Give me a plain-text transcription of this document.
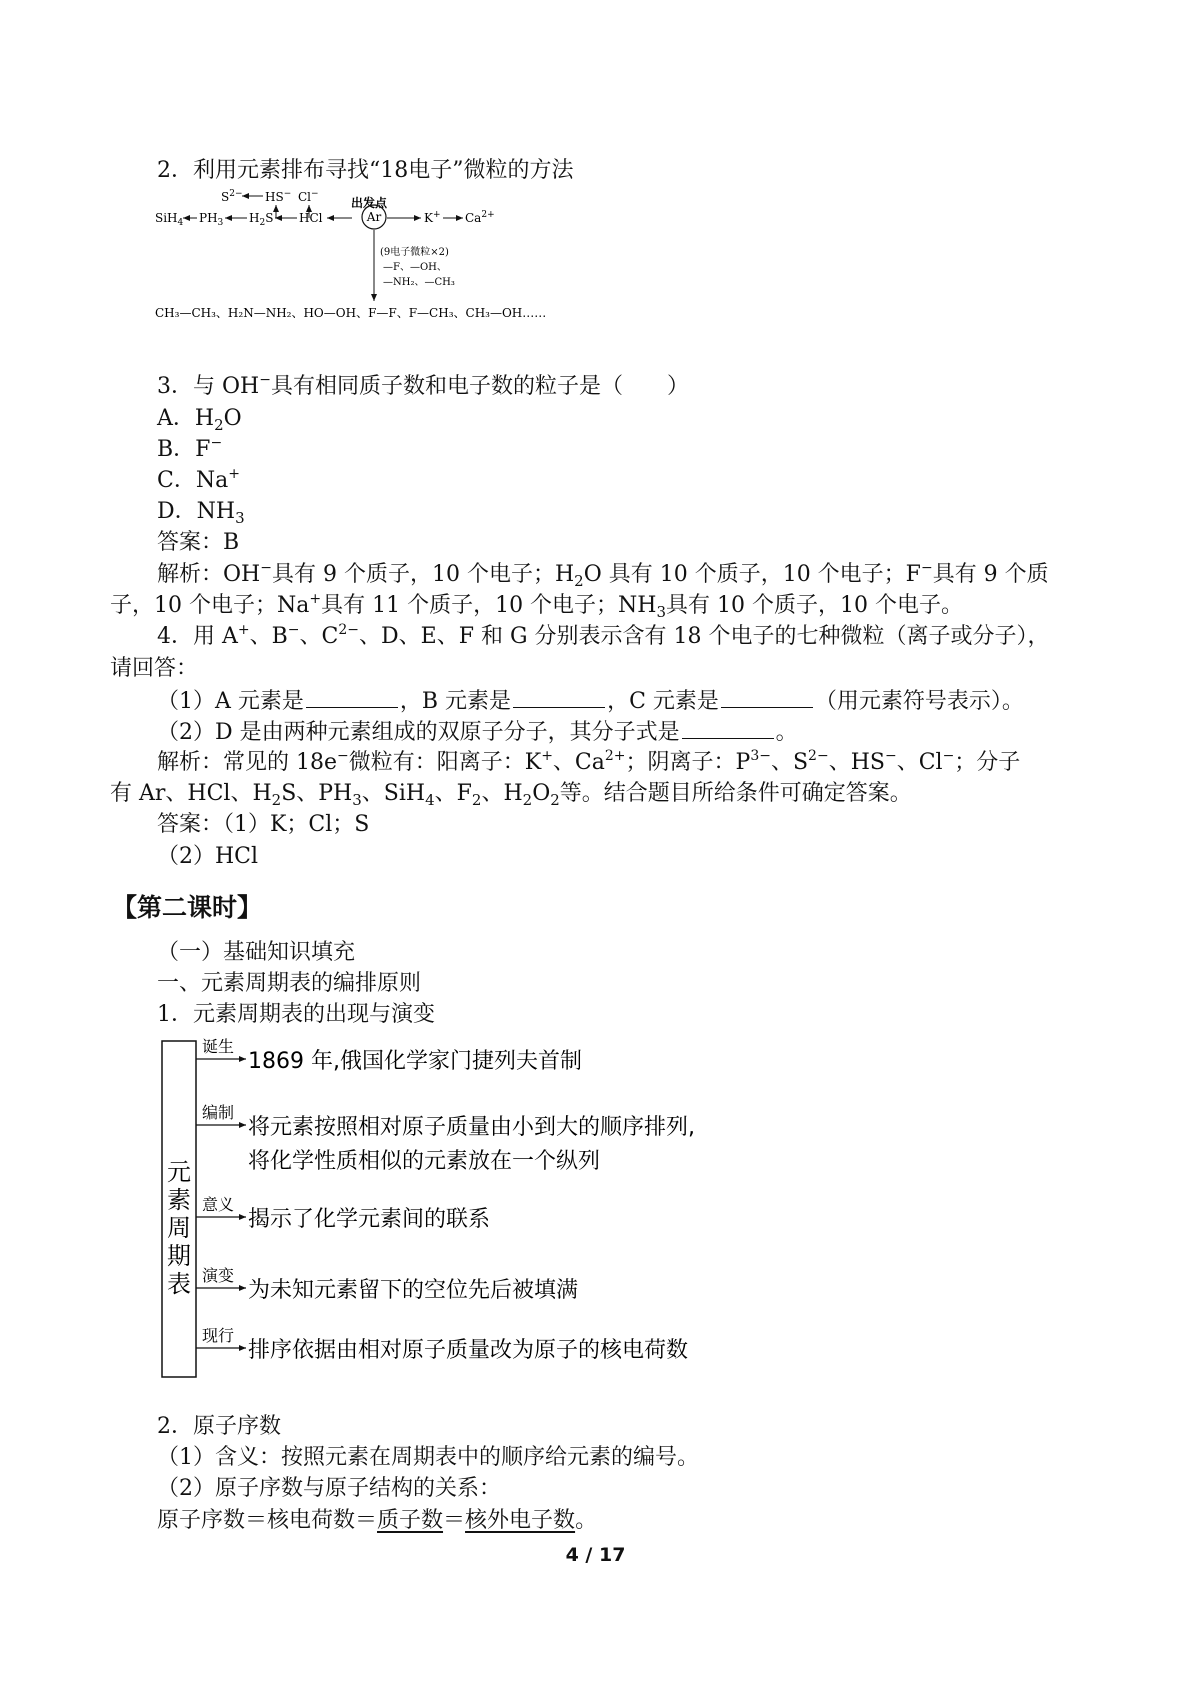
2．利用元素排布寻找“18电子”微粒的方法
$S^{2-}$ HS− Cl−
出发点
SiH$_4$ $PH_3$ $H_2S$ HCl	Ar	K+ $Ca^{2+}$
(9电子微粒×2)
—F、—OH、
—NH₂、—CH₃
CH₃—CH₃、H₂N—NH₂、HO—OH、F—F、F—CH₃、CH₃—OH……
3．与 OH−具有相同质子数和电子数的粒子是（　　）
A．$H_2O$
B．F−
C．Na+
D．$NH_3$
答案：B
解析：OH−具有 9 个质子，10 个电子；$H_2O$ 具有 10 个质子，10 个电子；F−具有 9 个质
子，10 个电子；Na+具有 11 个质子，10 个电子；$NH_3$具有 10 个质子，10 个电子。
4．用 A+、B−、$C^{2-}$、D、E、F 和 G 分别表示含有 18 个电子的七种微粒（离子或分子），
请回答：
（1）A 元素是	，B 元素是	，C 元素是	（用元素符号表示）。
（2）D 是由两种元素组成的双原子分子，其分子式是	。
解析：常见的 18e−微粒有：阳离子：K+、$Ca^{2+}$；阴离子：$P^{3-}$、$S^{2-}$、HS−、Cl−；分子
有 Ar、HCl、$H_2S$、$PH_3$、SiH$_4$、$F_2$、$H_2O_2$等。结合题目所给条件可确定答案。
答案：（1）K；Cl；S
（2）HCl
【第二课时】
（一）基础知识填充
一、元素周期表的编排原则
1．元素周期表的出现与演变
元
素
周
期
表
诞生
1869 年,俄国化学家门捷列夫首制
编制
将元素按照相对原子质量由小到大的顺序排列,
将化学性质相似的元素放在一个纵列
意义
揭示了化学元素间的联系
演变
为未知元素留下的空位先后被填满
现行
排序依据由相对原子质量改为原子的核电荷数
2．原子序数
（1）含义：按照元素在周期表中的顺序给元素的编号。
（2）原子序数与原子结构的关系：
原子序数＝核电荷数＝质子数＝核外电子数。
4 / 17
